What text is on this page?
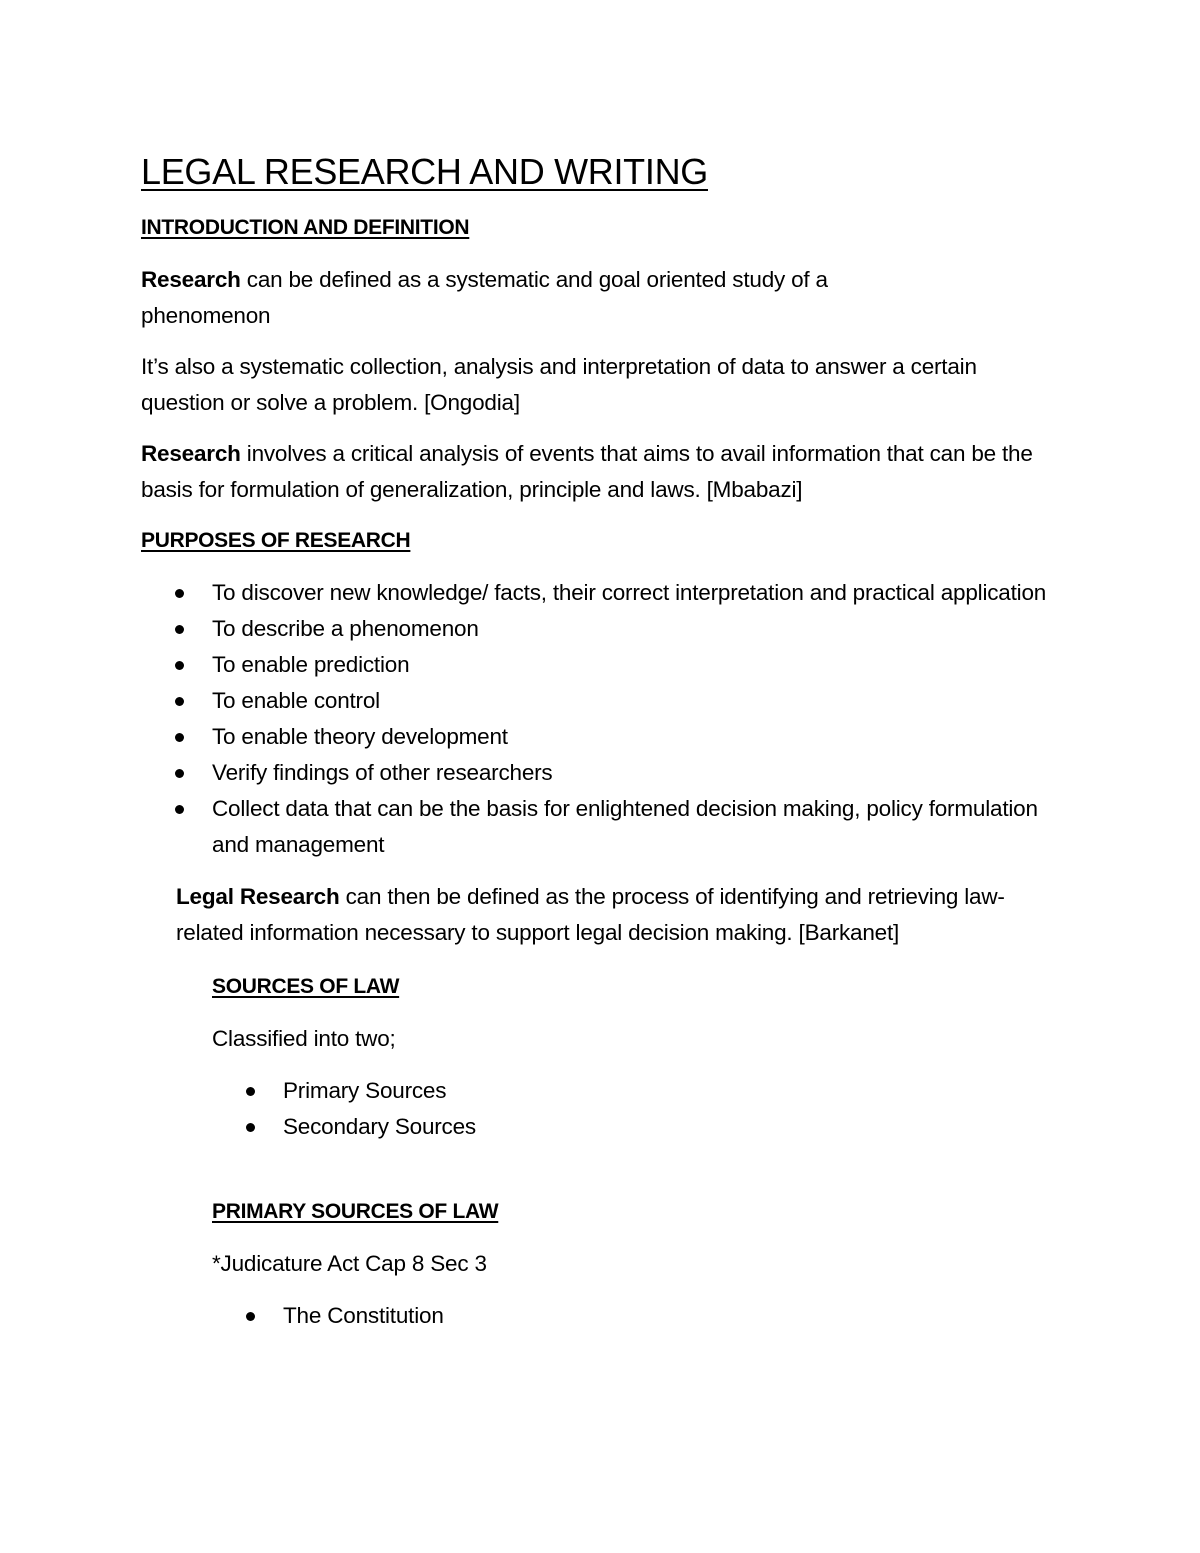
LEGAL RESEARCH AND WRITING
INTRODUCTION AND DEFINITION

Research can be defined as a systematic and goal oriented study of a phenomenon

It’s also a systematic collection, analysis and interpretation of data to answer a certain question or solve a problem. [Ongodia]

Research involves a critical analysis of events that aims to avail information that can be the basis for formulation of generalization, principle and laws. [Mbabazi]

PURPOSES OF RESEARCH
To discover new knowledge/ facts, their correct interpretation and practical application
To describe a phenomenon
To enable prediction
To enable control
To enable theory development
Verify findings of other researchers
Collect data that can be the basis for enlightened decision making, policy formulation and management

Legal Research can then be defined as the process of identifying and retrieving law-related information necessary to support legal decision making. [Barkanet]

SOURCES OF LAW

Classified into two;

Primary Sources
Secondary Sources
PRIMARY SOURCES OF LAW

*Judicature Act Cap 8 Sec 3

The Constitution
